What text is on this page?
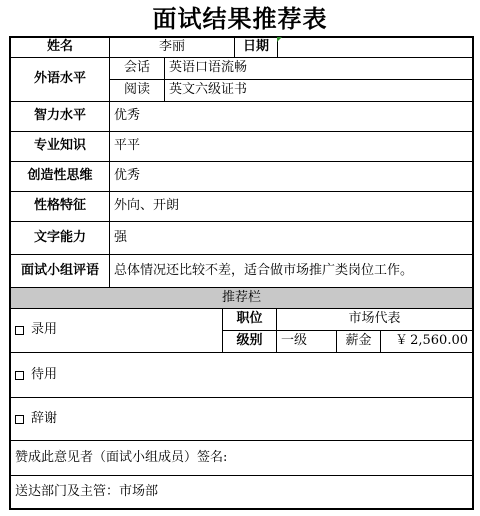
面试结果推荐表
姓名	李丽	日期
外语水平
会话	英语口语流畅
阅读	英文六级证书
智力水平	优秀
专业知识	平平
创造性思维	优秀
性格特征	外向、开朗
文字能力	强
面试小组评语	总体情况还比较不差，适合做市场推广类岗位工作。
推荐栏
录用
职位	市场代表
级别	一级	薪金	￥ 2,560.00
待用
辞谢
赞成此意见者（面试小组成员）签名:
送达部门及主管：市场部
